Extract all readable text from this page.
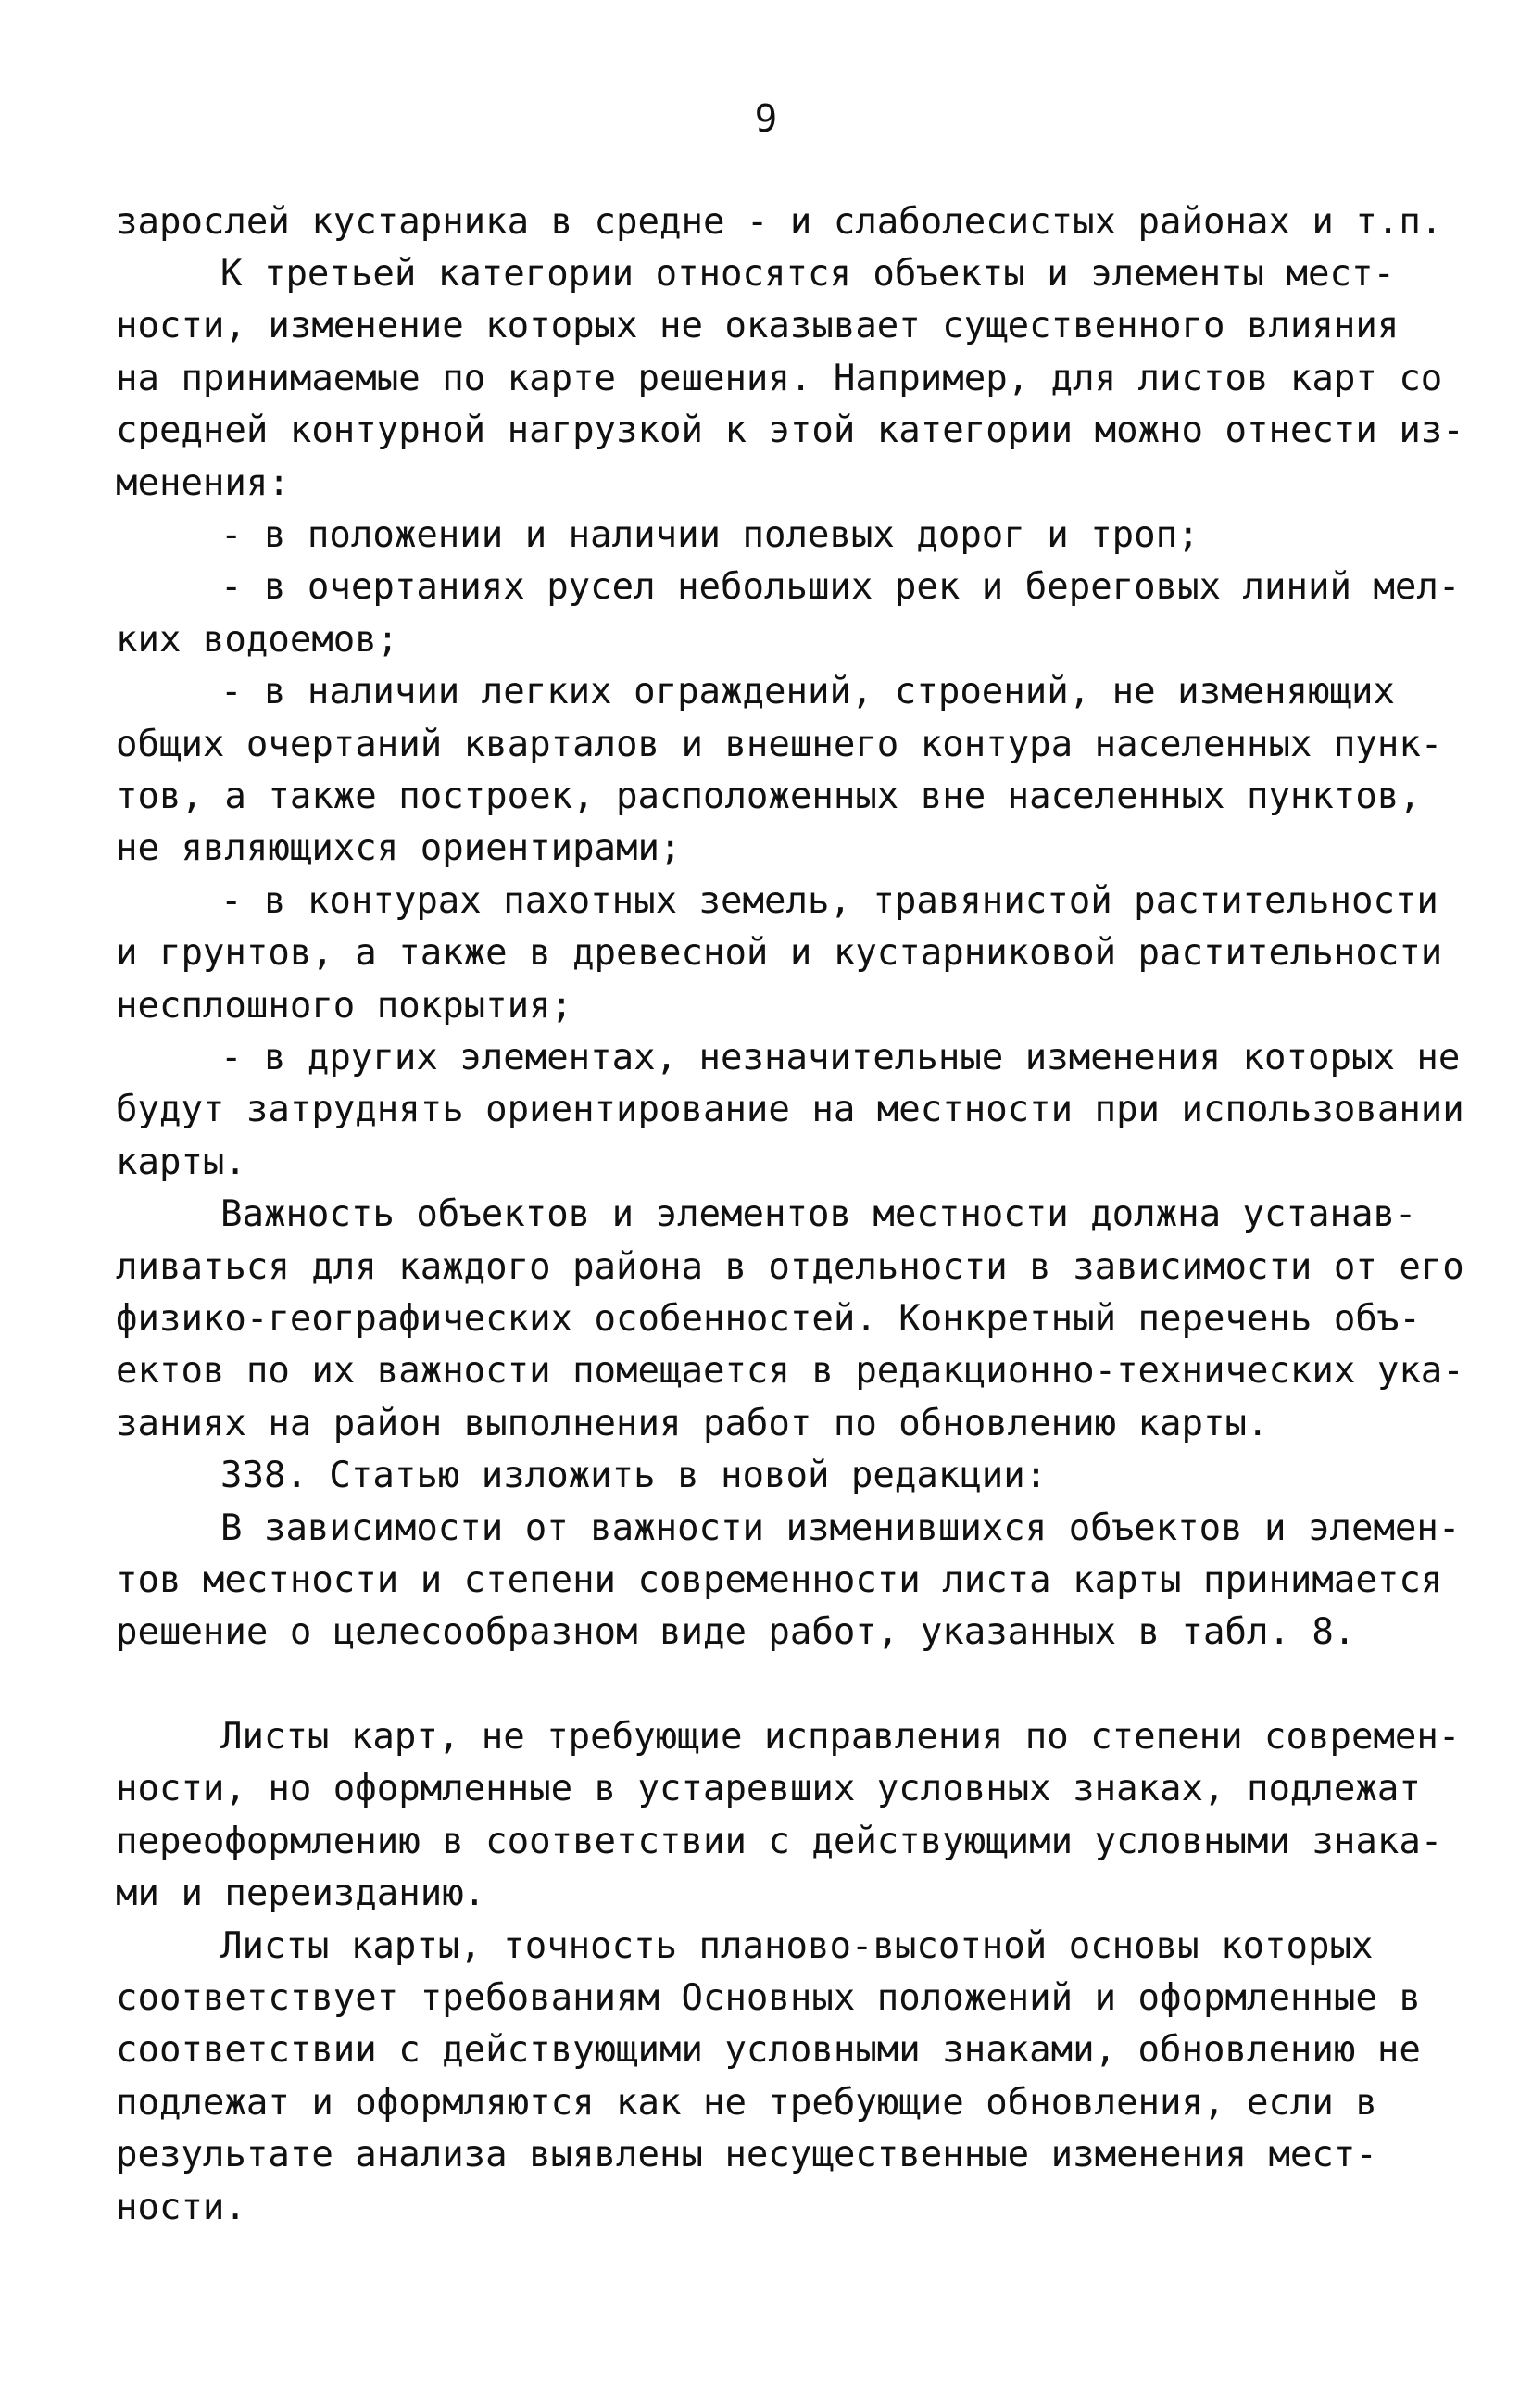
9

зарослей кустарника в средне - и слаболесистых районах и т.п.

К третьей категории относятся объекты и элементы мест-

ности, изменение которых не оказывает существенного влияния

на принимаемые по карте решения. Например, для листов карт со

средней контурной нагрузкой к этой категории можно отнести из-

менения:

- в положении и наличии полевых дорог и троп;

- в очертаниях русел небольших рек и береговых линий мел-

ких водоемов;

- в наличии легких ограждений, строений, не изменяющих

общих очертаний кварталов и внешнего контура населенных пунк-

тов, а также построек, расположенных вне населенных пунктов,

не являющихся ориентирами;

- в контурах пахотных земель, травянистой растительности

и грунтов, а также в древесной и кустарниковой растительности

несплошного покрытия;

- в других элементах, незначительные изменения которых не

будут затруднять ориентирование на местности при использовании

карты.

Важность объектов и элементов местности должна устанав-

ливаться для каждого района в отдельности в зависимости от его

физико-географических особенностей. Конкретный перечень объ-

ектов по их важности помещается в редакционно-технических ука-

заниях на район выполнения работ по обновлению карты.

338. Статью изложить в новой редакции:

В зависимости от важности изменившихся объектов и элемен-

тов местности и степени современности листа карты принимается

решение о целесообразном виде работ, указанных в табл. 8.

Листы карт, не требующие исправления по степени современ-

ности, но оформленные в устаревших условных знаках, подлежат

переоформлению в соответствии с действующими условными знака-

ми и переизданию.

Листы карты, точность планово-высотной основы которых

соответствует требованиям Основных положений и оформленные в

соответствии с действующими условными знаками, обновлению не

подлежат и оформляются как не требующие обновления, если в

результате анализа выявлены несущественные изменения мест-

ности.
